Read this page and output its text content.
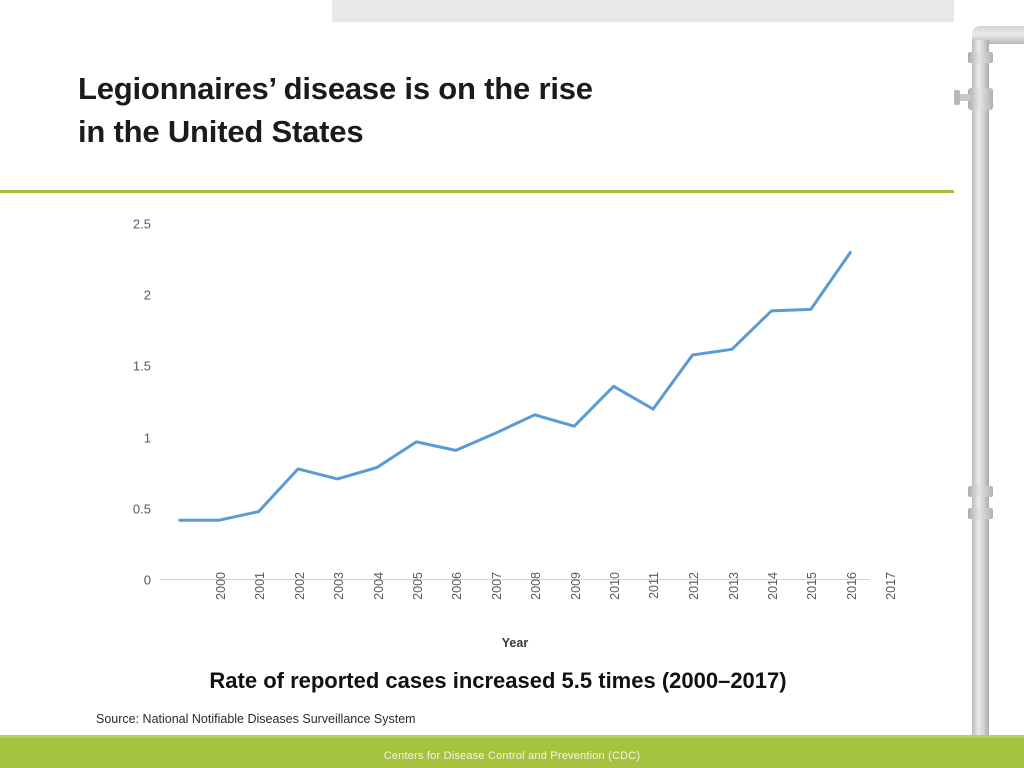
Legionnaires’ disease is on the rise
in the United States
0
0.5
1
1.5
2
2.5
2000 2001 2002 2003 2004 2005 2006 2007 2008 2009 2010 2011 2012 2013 2014 2015 2016 2017
Year
Rate of reported cases increased 5.5 times (2000–2017)
Source: National Notifiable Diseases Surveillance System
Centers for Disease Control and Prevention (CDC)
